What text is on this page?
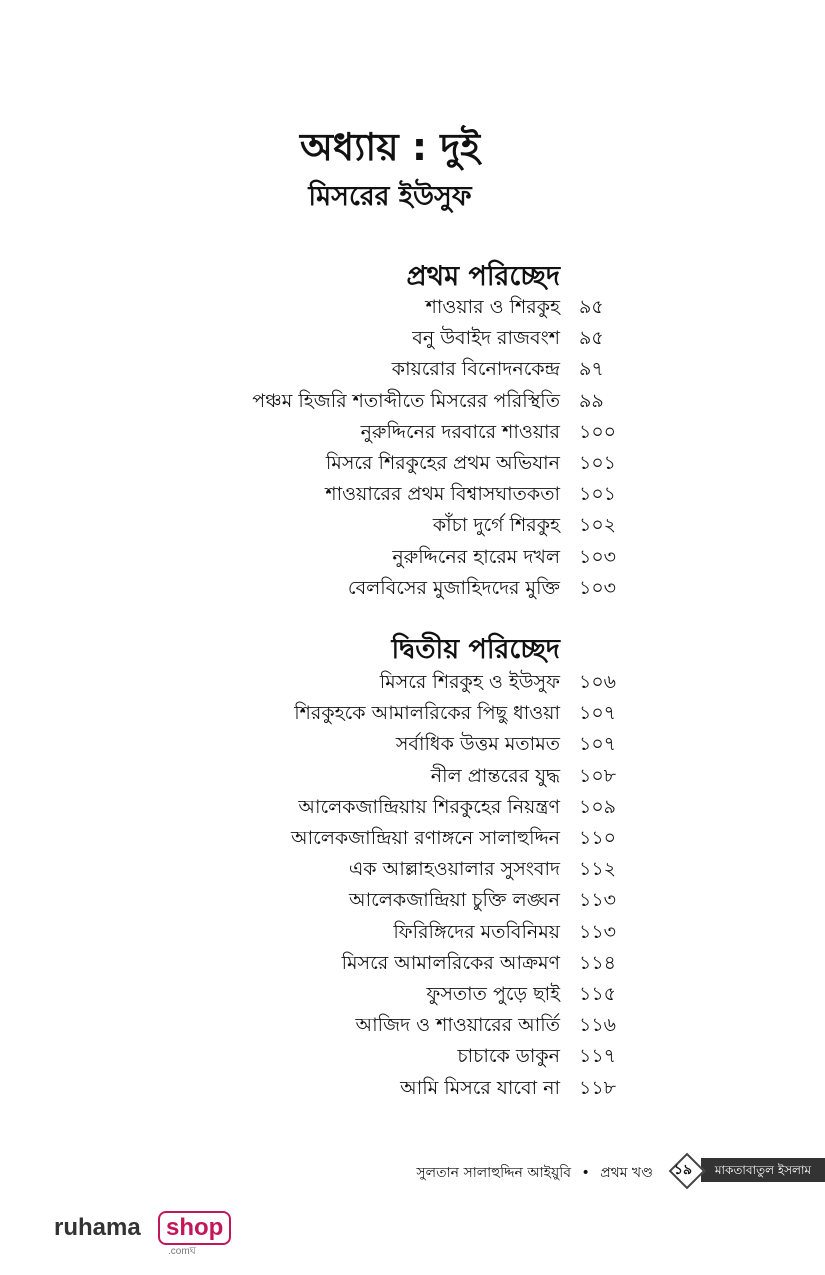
অধ্যায় : দুই
মিসরের ইউসুফ
প্রথম পরিচ্ছেদ
শাওয়ার ও শিরকুহ ৯৫
বনু উবাইদ রাজবংশ ৯৫
কায়রোর বিনোদনকেন্দ্র ৯৭
পঞ্চম হিজরি শতাব্দীতে মিসরের পরিস্থিতি ৯৯
নুরুদ্দিনের দরবারে শাওয়ার ১০০
মিসরে শিরকুহের প্রথম অভিযান ১০১
শাওয়ারের প্রথম বিশ্বাসঘাতকতা ১০১
কাঁচা দুর্গে শিরকুহ ১০২
নুরুদ্দিনের হারেম দখল ১০৩
বেলবিসের মুজাহিদদের মুক্তি ১০৩
দ্বিতীয় পরিচ্ছেদ
মিসরে শিরকুহ ও ইউসুফ ১০৬
শিরকুহকে আমালরিকের পিছু ধাওয়া ১০৭
সর্বাধিক উত্তম মতামত ১০৭
নীল প্রান্তরের যুদ্ধ ১০৮
আলেকজান্দ্রিয়ায় শিরকুহের নিয়ন্ত্রণ ১০৯
আলেকজান্দ্রিয়া রণাঙ্গনে সালাহুদ্দিন ১১০
এক আল্লাহওয়ালার সুসংবাদ ১১২
আলেকজান্দ্রিয়া চুক্তি লঙ্ঘন ১১৩
ফিরিঙ্গিদের মতবিনিময় ১১৩
মিসরে আমালরিকের আক্রমণ ১১৪
ফুসতাত পুড়ে ছাই ১১৫
আজিদ ও শাওয়ারের আর্তি ১১৬
চাচাকে ডাকুন ১১৭
আমি মিসরে যাবো না ১১৮
সুলতান সালাহুদ্দিন আইয়ুবি • প্রথম খণ্ড	মাকতাবাতুল ইসলাম
১৯
ruhama	shop
.comঘ
